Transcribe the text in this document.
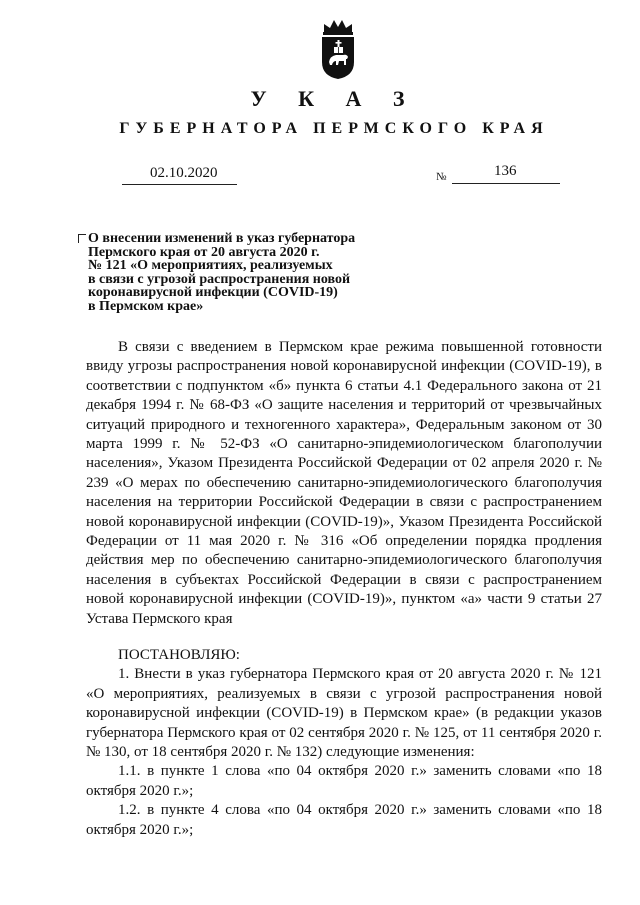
У К А З
ГУБЕРНАТОРА ПЕРМСКОГО КРАЯ
02.10.2020	№	136
О внесении изменений в указ губернатора
Пермского края от 20 августа 2020 г.
№ 121 «О мероприятиях, реализуемых
в связи с угрозой распространения новой
коронавирусной инфекции (COVID-19)
в Пермском крае»

В связи с введением в Пермском крае режима повышенной готовности ввиду угрозы распространения новой коронавирусной инфекции (COVID-19), в соответствии с подпунктом «б» пункта 6 статьи 4.1 Федерального закона от 21 декабря 1994 г. № 68-ФЗ «О защите населения и территорий от чрезвычайных ситуаций природного и техногенного характера», Федеральным законом от 30 марта 1999 г. № 52-ФЗ «О санитарно-эпидемиологическом благополучии населения», Указом Президента Российской Федерации от 02 апреля 2020 г. № 239 «О мерах по обеспечению санитарно-эпидемиологического благополучия населения на территории Российской Федерации в связи с распространением новой коронавирусной инфекции (COVID-19)», Указом Президента Российской Федерации от 11 мая 2020 г. № 316 «Об определении порядка продления действия мер по обеспечению санитарно-эпидемиологического благополучия населения в субъектах Российской Федерации в связи с распространением новой коронавирусной инфекции (COVID-19)», пунктом «а» части 9 статьи 27 Устава Пермского края

ПОСТАНОВЛЯЮ:

1. Внести в указ губернатора Пермского края от 20 августа 2020 г. № 121 «О мероприятиях, реализуемых в связи с угрозой распространения новой коронавирусной инфекции (COVID-19) в Пермском крае» (в редакции указов губернатора Пермского края от 02 сентября 2020 г. № 125, от 11 сентября 2020 г. № 130, от 18 сентября 2020 г. № 132) следующие изменения:

1.1. в пункте 1 слова «по 04 октября 2020 г.» заменить словами «по 18 октября 2020 г.»;

1.2. в пункте 4 слова «по 04 октября 2020 г.» заменить словами «по 18 октября 2020 г.»;
